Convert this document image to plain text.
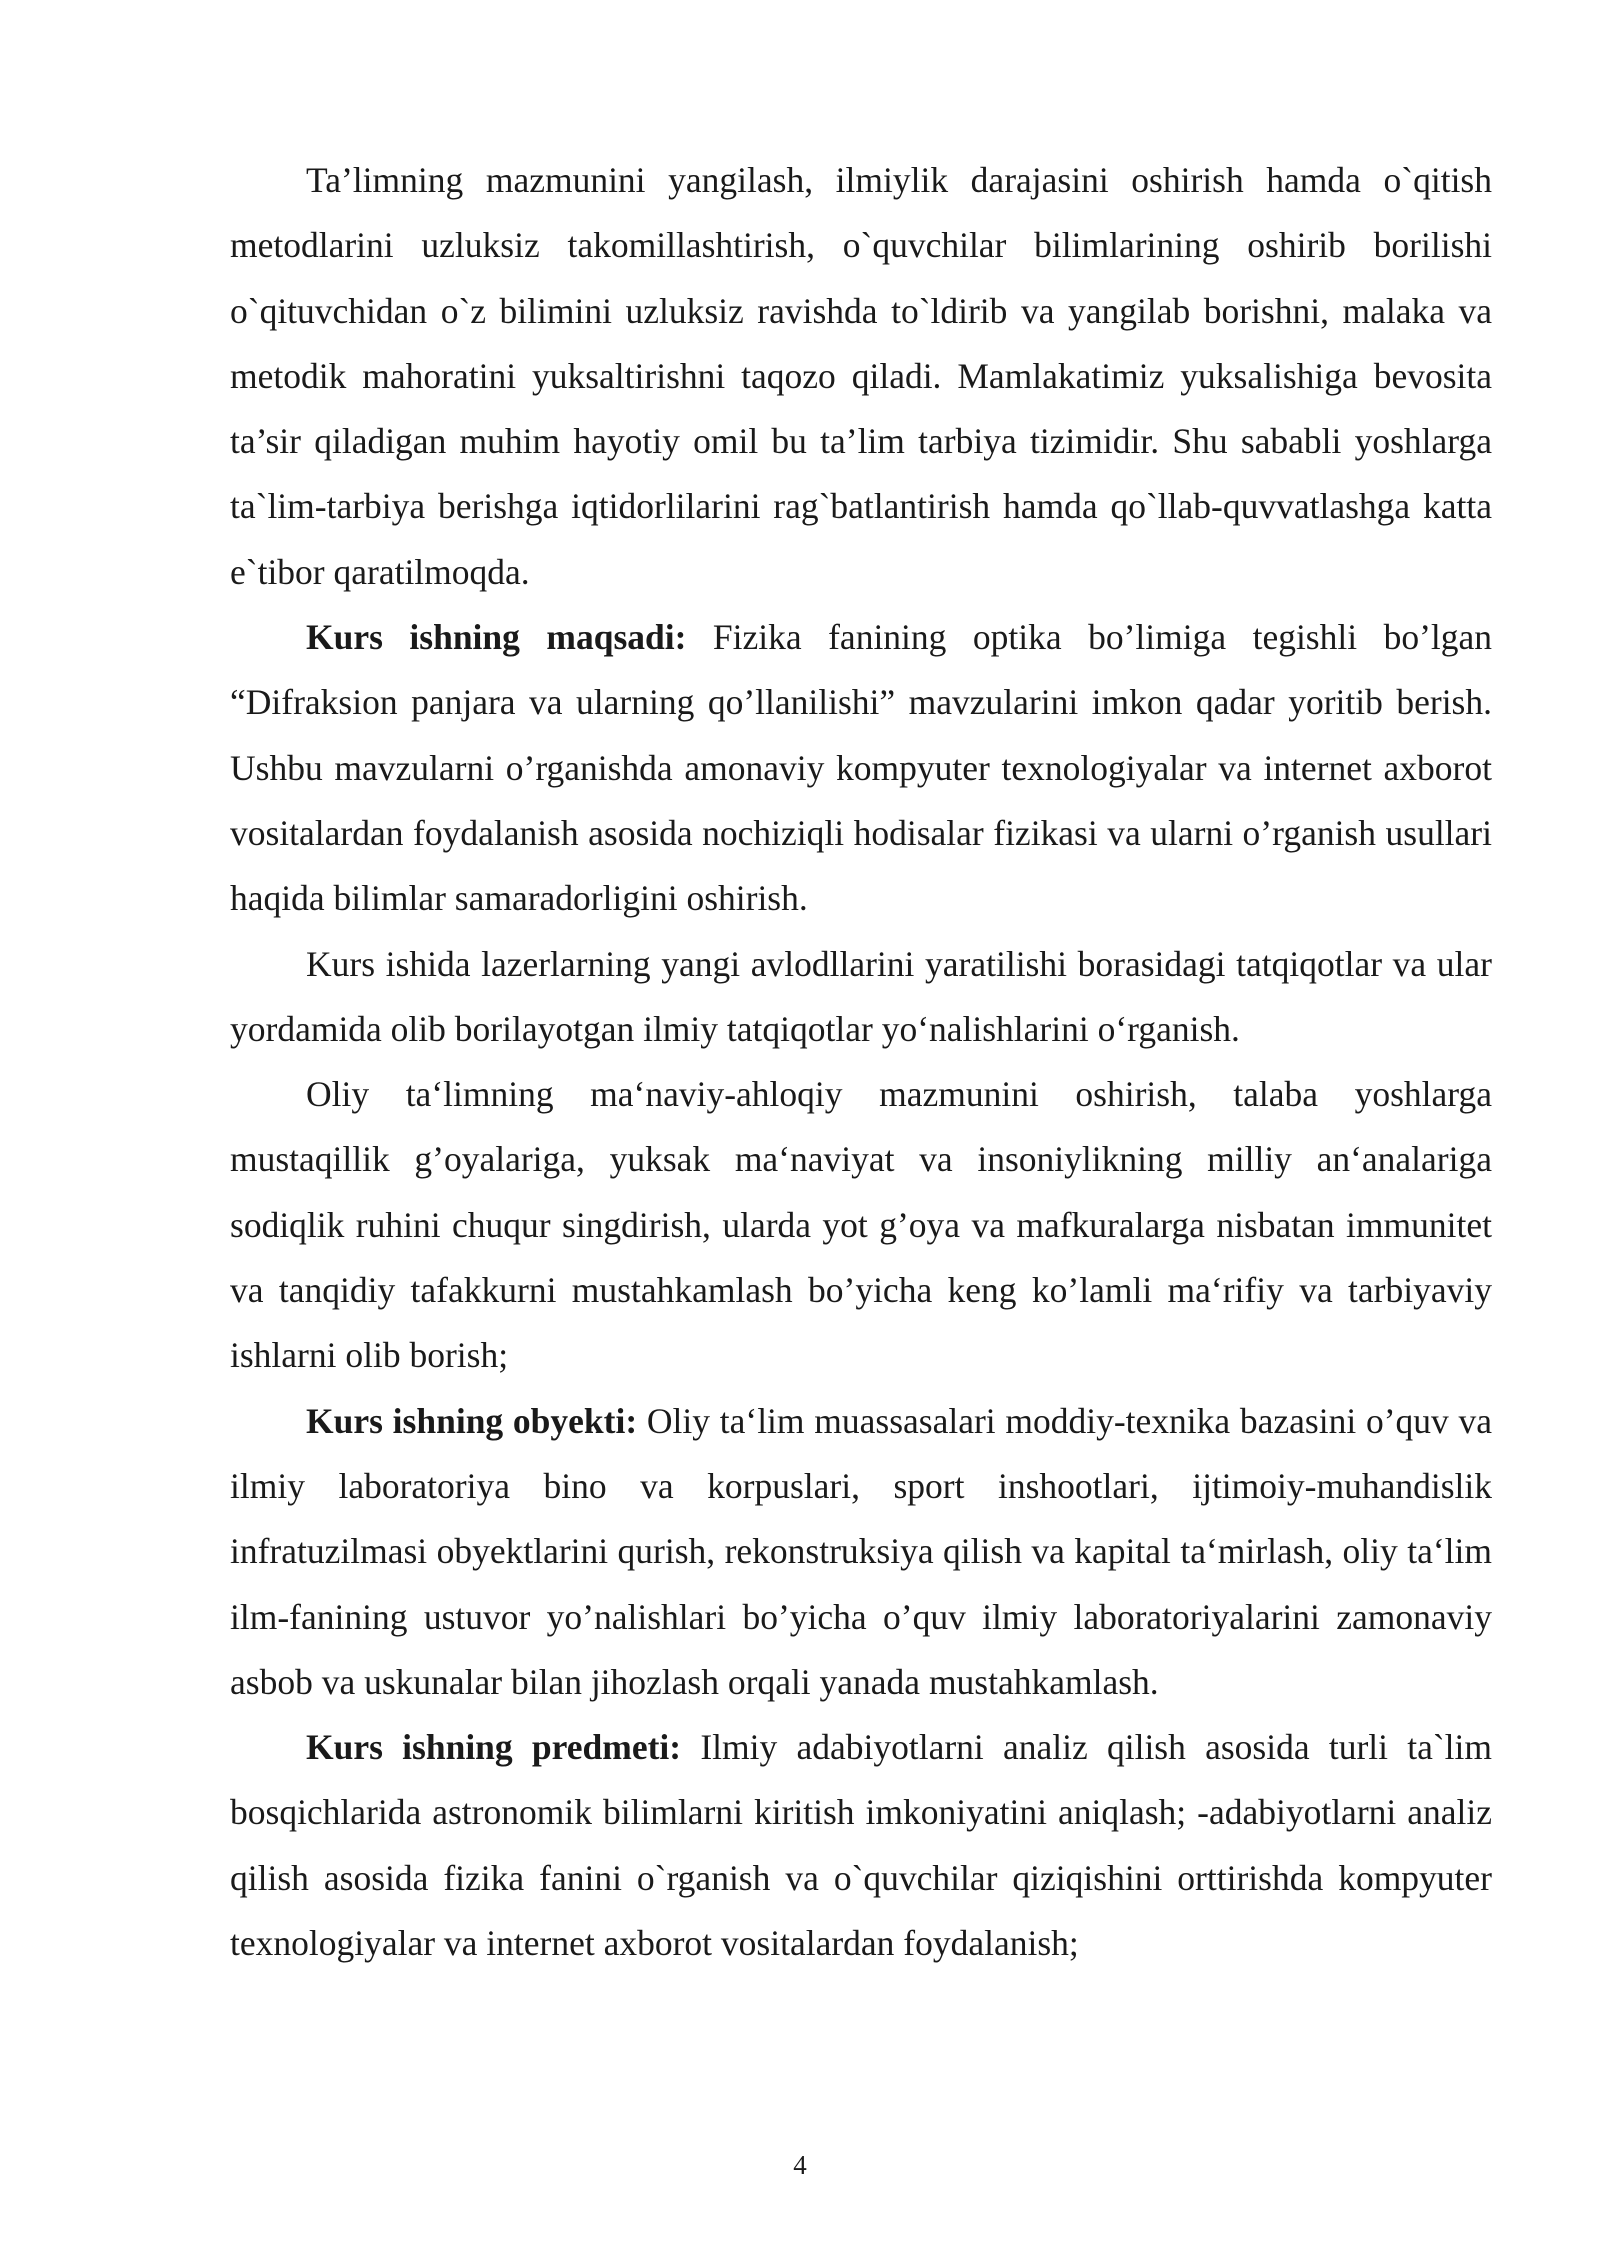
Ta’limning mazmunini yangilash, ilmiylik darajasini oshirish hamda o`qitish metodlarini uzluksiz takomillashtirish, o`quvchilar bilimlarining oshirib borilishi o`qituvchidan o`z bilimini uzluksiz ravishda to`ldirib va yangilab borishni, malaka va metodik mahoratini yuksaltirishni taqozo qiladi. Mamlakatimiz yuksalishiga bevosita ta’sir qiladigan muhim hayotiy omil bu ta’lim tarbiya tizimidir. Shu sababli yoshlarga ta`lim-tarbiya berishga iqtidorlilarini rag`batlantirish hamda qo`llab-quvvatlashga katta e`tibor qaratilmoqda.

Kurs ishning maqsadi: Fizika fanining optika bo’limiga tegishli bo’lgan “Difraksion panjara va ularning qo’llanilishi” mavzularini imkon qadar yoritib berish. Ushbu mavzularni o’rganishda amonaviy kompyuter texnologiyalar va internet axborot vositalardan foydalanish asosida nochiziqli hodisalar fizikasi va ularni o’rganish usullari haqida bilimlar samaradorligini oshirish.

Kurs ishida lazerlarning yangi avlodllarini yaratilishi borasidagi tatqiqotlar va ular yordamida olib borilayotgan ilmiy tatqiqotlar yo‘nalishlarini o‘rganish.

Oliy ta‘limning ma‘naviy-ahloqiy mazmunini oshirish, talaba yoshlarga mustaqillik g’oyalariga, yuksak ma‘naviyat va insoniylikning milliy an‘analariga sodiqlik ruhini chuqur singdirish, ularda yot g’oya va mafkuralarga nisbatan immunitet va tanqidiy tafakkurni mustahkamlash bo’yicha keng ko’lamli ma‘rifiy va tarbiyaviy ishlarni olib borish;

Kurs ishning obyekti: Oliy ta‘lim muassasalari moddiy-texnika bazasini o’quv va ilmiy laboratoriya bino va korpuslari, sport inshootlari, ijtimoiy-muhandislik infratuzilmasi obyektlarini qurish, rekonstruksiya qilish va kapital ta‘mirlash, oliy ta‘lim ilm-fanining ustuvor yo’nalishlari bo’yicha o’quv ilmiy laboratoriyalarini zamonaviy asbob va uskunalar bilan jihozlash orqali yanada mustahkamlash.

Kurs ishning predmeti: Ilmiy adabiyotlarni analiz qilish asosida turli ta`lim bosqichlarida astronomik bilimlarni kiritish imkoniyatini aniqlash; -adabiyotlarni analiz qilish asosida fizika fanini o`rganish va o`quvchilar qiziqishini orttirishda kompyuter texnologiyalar va internet axborot vositalardan foydalanish;

4
